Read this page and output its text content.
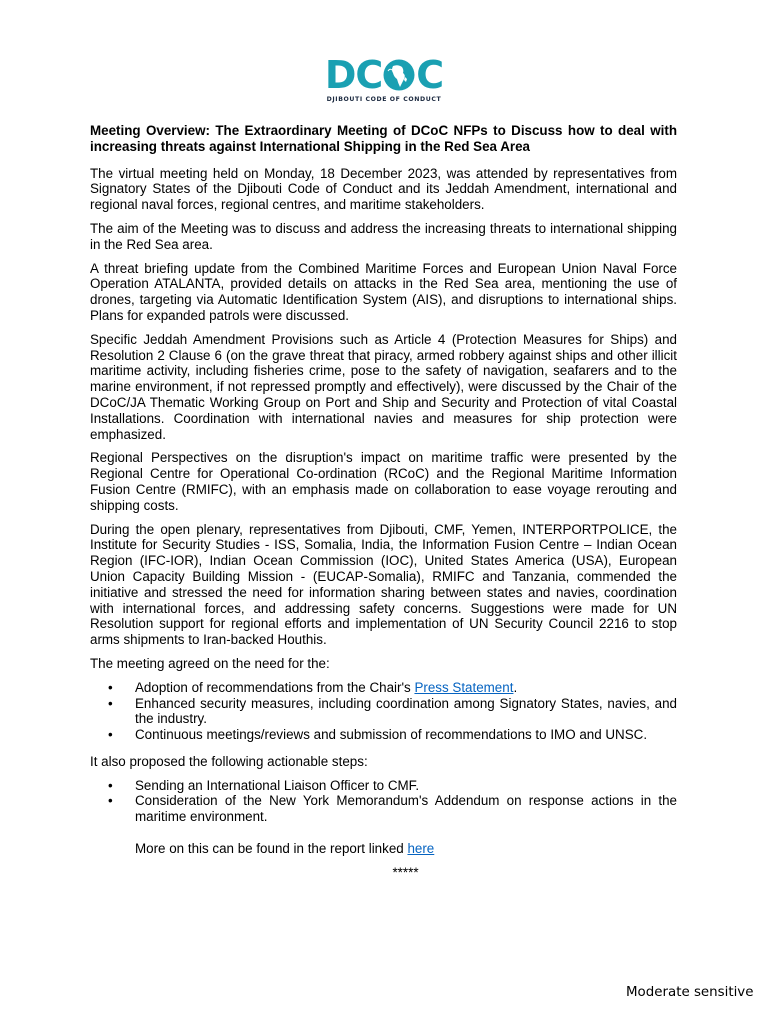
DC C
DJIBOUTI CODE OF CONDUCT

Meeting Overview: The Extraordinary Meeting of DCoC NFPs to Discuss how to deal with increasing threats against International Shipping in the Red Sea Area

The virtual meeting held on Monday, 18 December 2023, was attended by representatives from Signatory States of the Djibouti Code of Conduct and its Jeddah Amendment, international and regional naval forces, regional centres, and maritime stakeholders.

The aim of the Meeting was to discuss and address the increasing threats to international shipping in the Red Sea area.

A threat briefing update from the Combined Maritime Forces and European Union Naval Force Operation ATALANTA, provided details on attacks in the Red Sea area, mentioning the use of drones, targeting via Automatic Identification System (AIS), and disruptions to international ships. Plans for expanded patrols were discussed.

Specific Jeddah Amendment Provisions such as Article 4 (Protection Measures for Ships) and Resolution 2 Clause 6 (on the grave threat that piracy, armed robbery against ships and other illicit maritime activity, including fisheries crime, pose to the safety of navigation, seafarers and to the marine environment, if not repressed promptly and effectively), were discussed by the Chair of the DCoC/JA Thematic Working Group on Port and Ship and Security and Protection of vital Coastal Installations. Coordination with international navies and measures for ship protection were emphasized.

Regional Perspectives on the disruption's impact on maritime traffic were presented by the Regional Centre for Operational Co-ordination (RCoC) and the Regional Maritime Information Fusion Centre (RMIFC), with an emphasis made on collaboration to ease voyage rerouting and shipping costs.

During the open plenary, representatives from Djibouti, CMF, Yemen, INTERPORTPOLICE, the Institute for Security Studies - ISS, Somalia, India, the Information Fusion Centre – Indian Ocean Region (IFC-IOR), Indian Ocean Commission (IOC), United States America (USA), European Union Capacity Building Mission - (EUCAP-Somalia), RMIFC and Tanzania, commended the initiative and stressed the need for information sharing between states and navies, coordination with international forces, and addressing safety concerns. Suggestions were made for UN Resolution support for regional efforts and implementation of UN Security Council 2216 to stop arms shipments to Iran-backed Houthis.

The meeting agreed on the need for the:

• Adoption of recommendations from the Chair's Press Statement.
• Enhanced security measures, including coordination among Signatory States, navies, and the industry.
• Continuous meetings/reviews and submission of recommendations to IMO and UNSC.

It also proposed the following actionable steps:

• Sending an International Liaison Officer to CMF.
• Consideration of the New York Memorandum's Addendum on response actions in the maritime environment.

More on this can be found in the report linked here

*****

Moderate sensitive
